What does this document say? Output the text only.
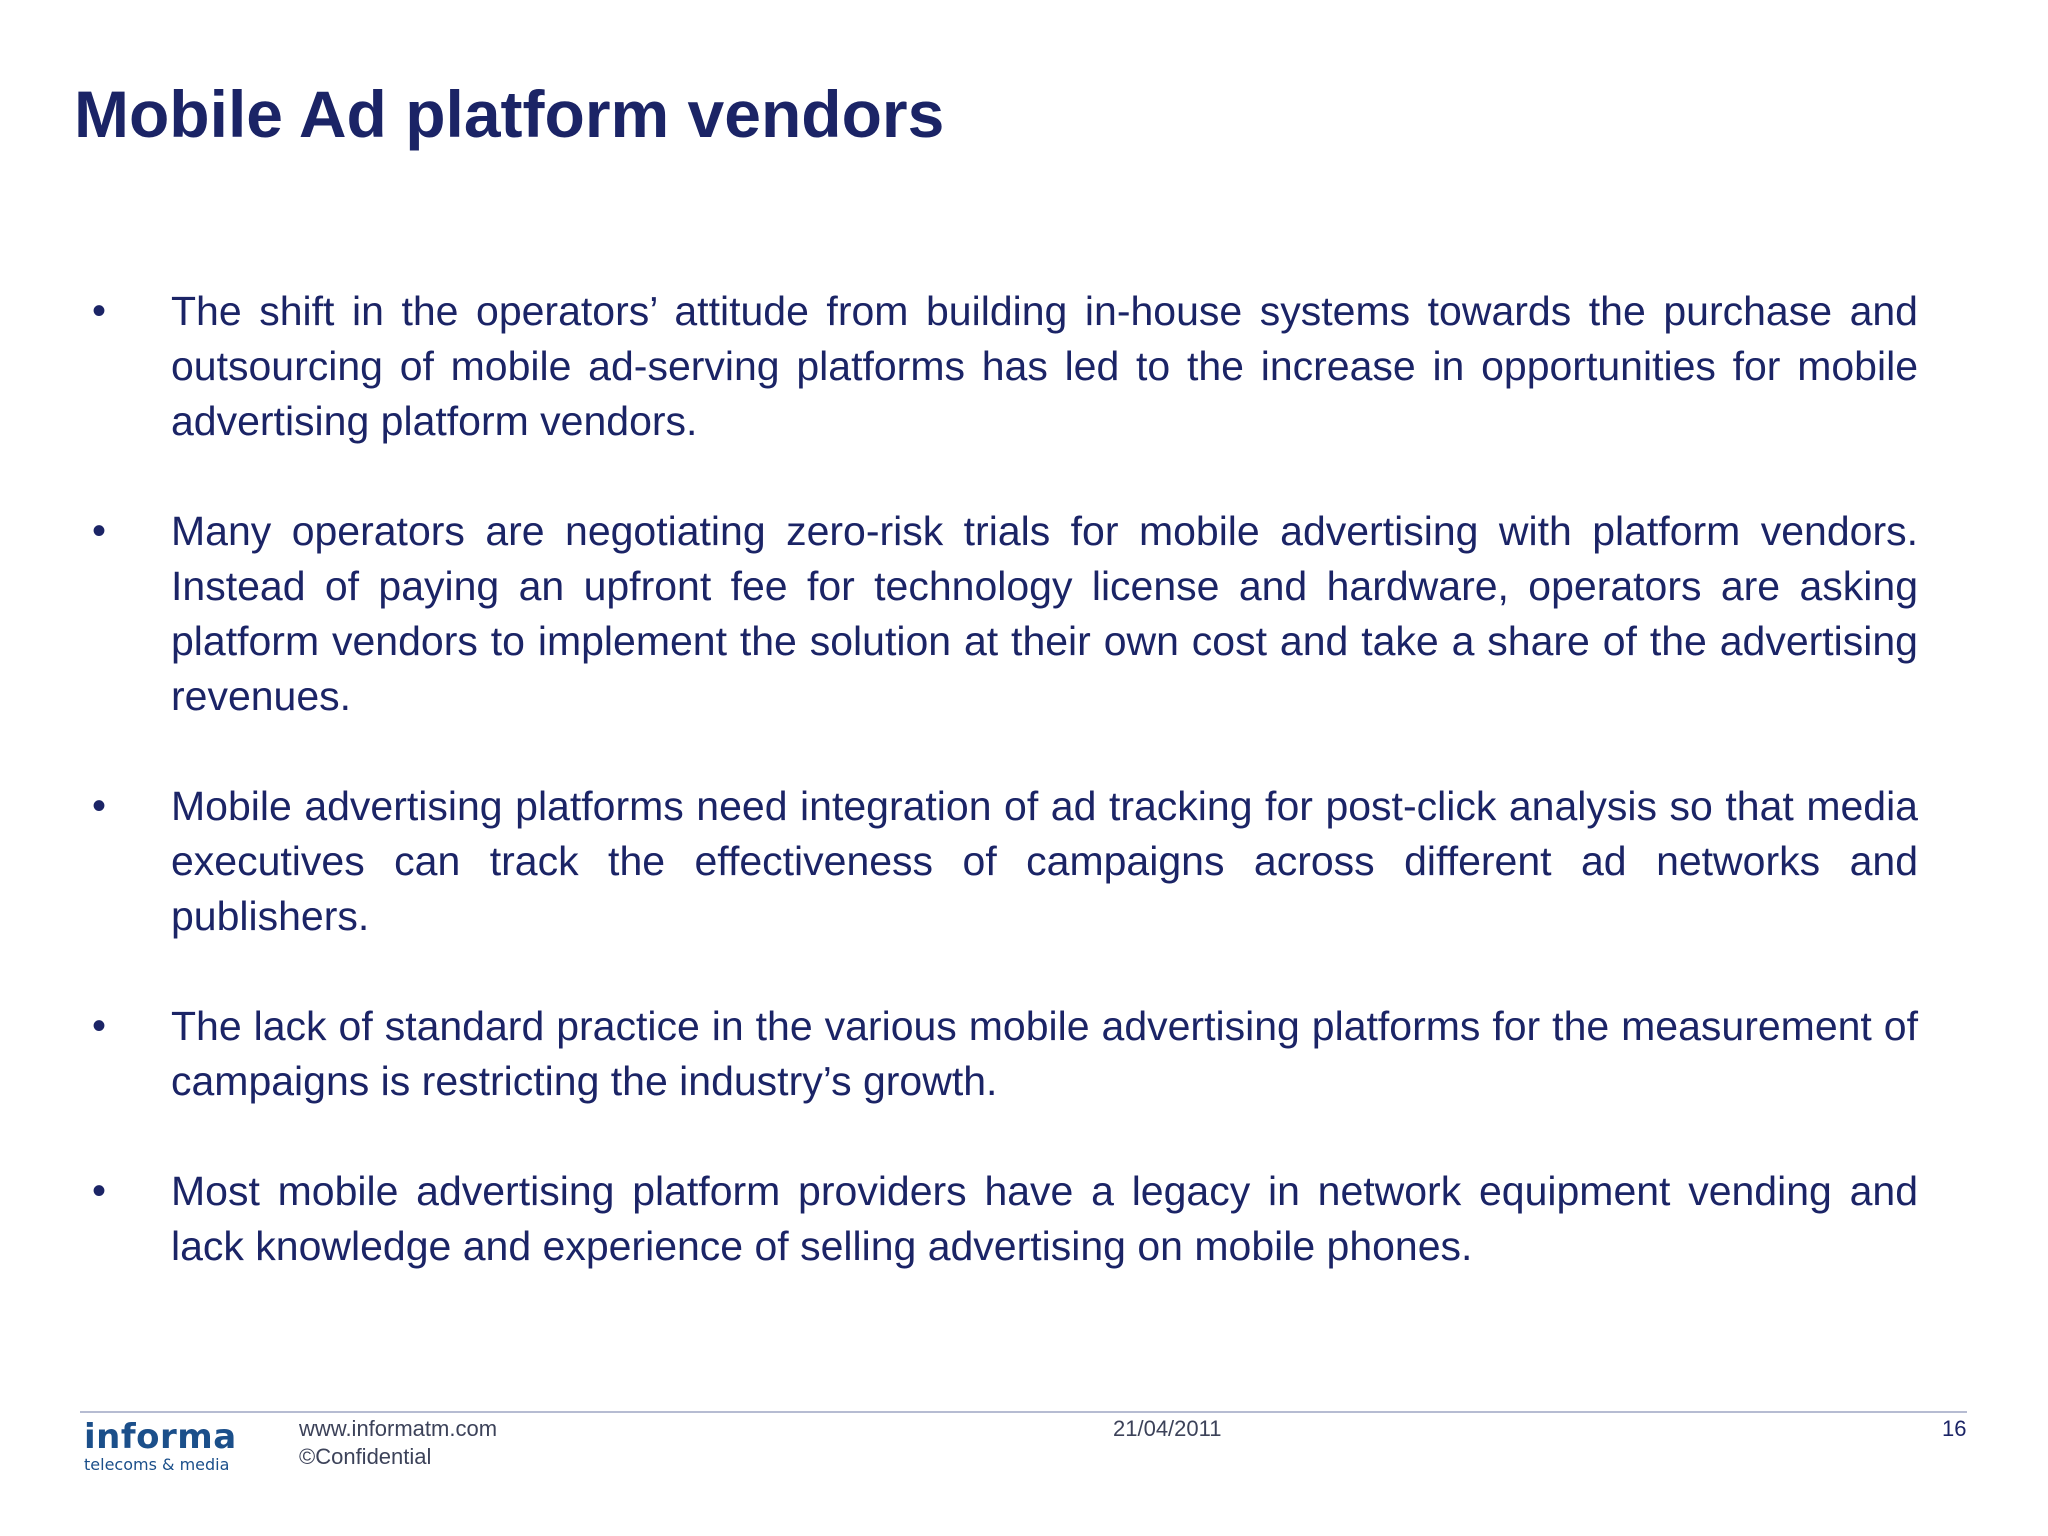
Mobile Ad platform vendors
• The shift in the operators’ attitude from building in-house systems towards the purchase and outsourcing of mobile ad-serving platforms has led to the increase in opportunities for mobile advertising platform vendors.
• Many operators are negotiating zero-risk trials for mobile advertising with platform vendors. Instead of paying an upfront fee for technology license and hardware, operators are asking platform vendors to implement the solution at their own cost and take a share of the advertising revenues.
• Mobile advertising platforms need integration of ad tracking for post-click analysis so that media executives can track the effectiveness of campaigns across different ad networks and publishers.
• The lack of standard practice in the various mobile advertising platforms for the measurement of campaigns is restricting the industry’s growth.
• Most mobile advertising platform providers have a legacy in network equipment vending and lack knowledge and experience of selling advertising on mobile phones.
informa
telecoms & media
www.informatm.com
©Confidential
21/04/2011	16
